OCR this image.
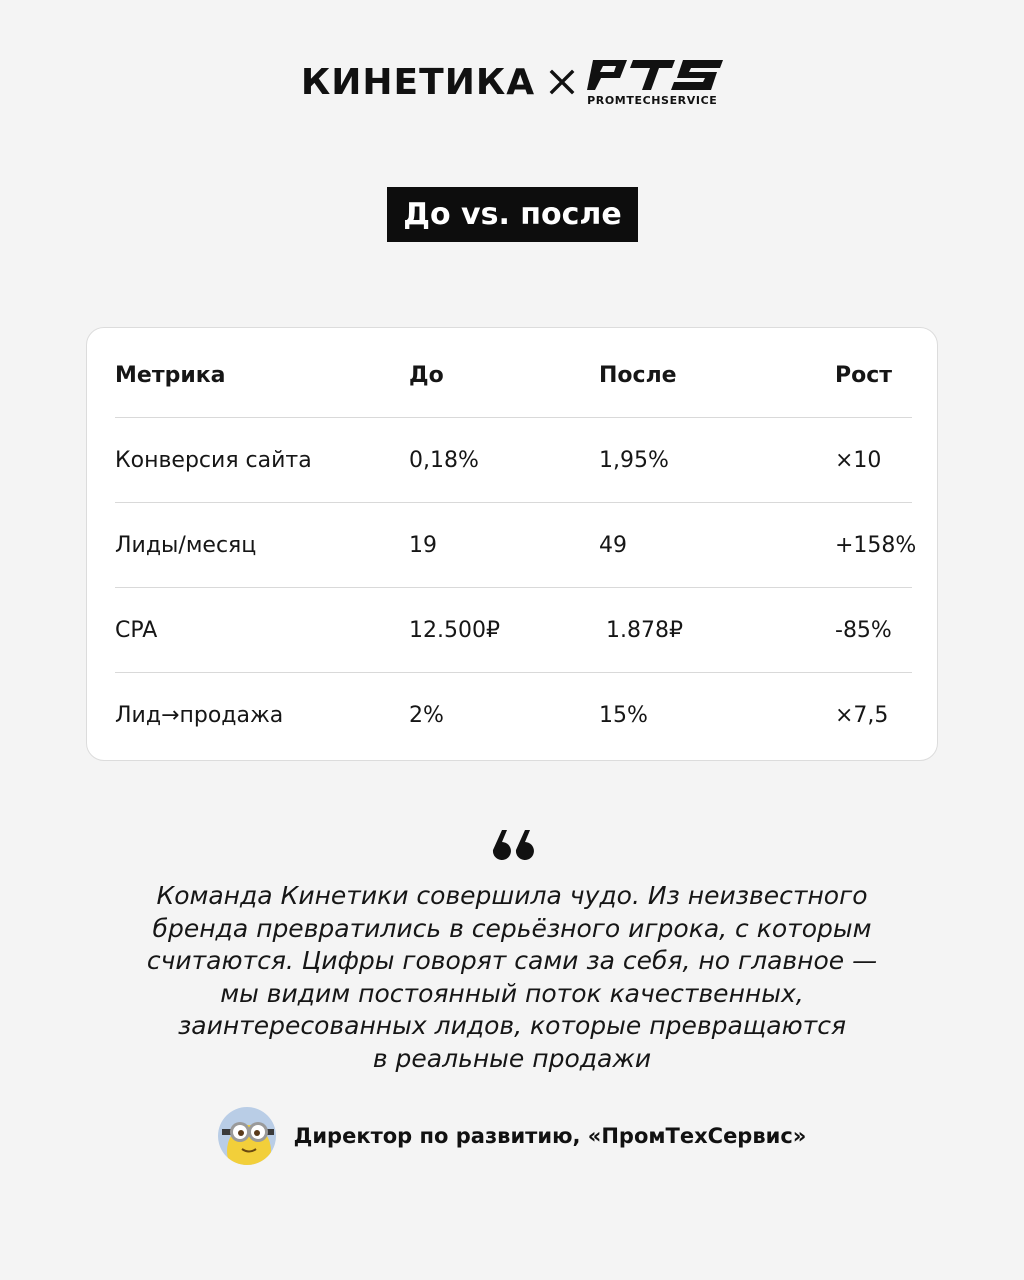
КИНЕТИКА	PROMTECHSERVICE
До vs. после
Метрика	До	После	Рост
Конверсия сайта	0,18%	1,95%	×10
Лиды/месяц	19	49	+158%
CPA	12.500₽	1.878₽	-85%
Лид→продажа	2%	15%	×7,5
Команда Кинетики совершила чудо. Из неизвестного
бренда превратились в серьёзного игрока, с которым
считаются. Цифры говорят сами за себя, но главное —
мы видим постоянный поток качественных,
заинтересованных лидов, которые превращаются
в реальные продажи
Директор по развитию, «ПромТехСервис»
